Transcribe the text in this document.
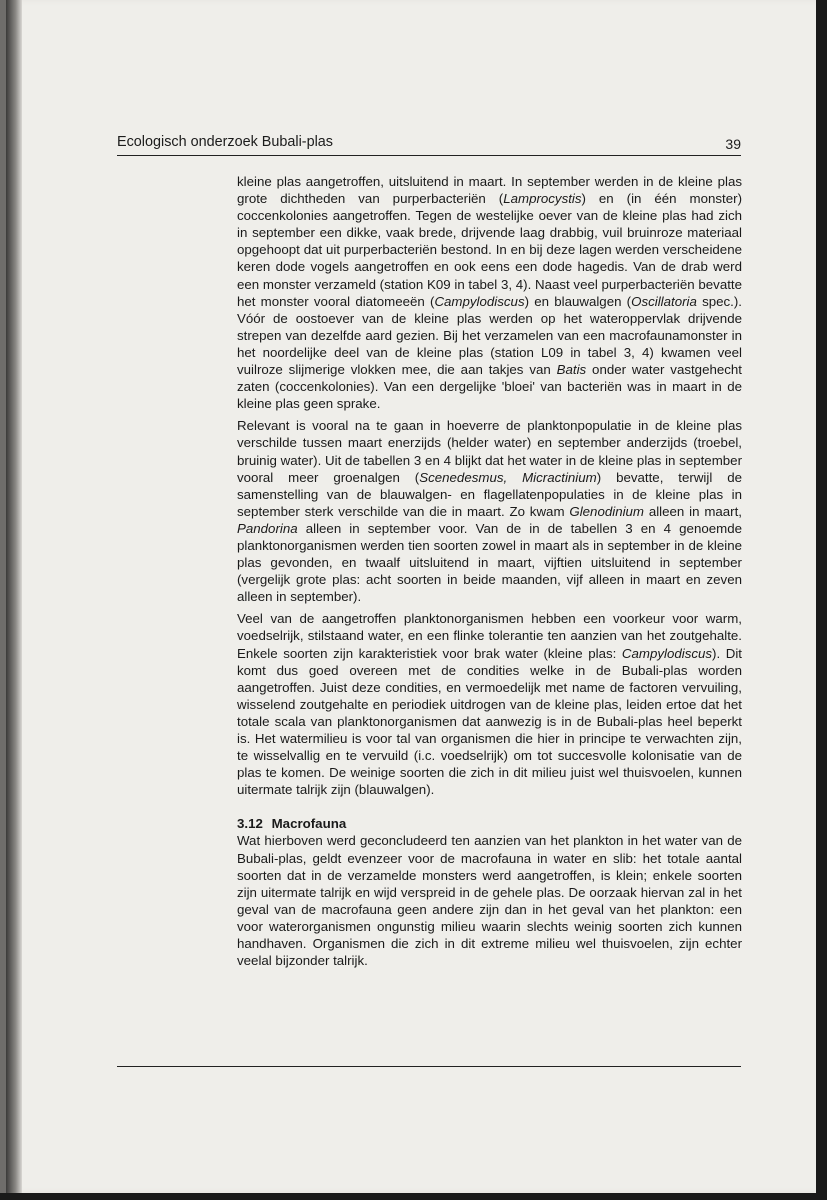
Ecologisch onderzoek Bubali-plas	39

kleine plas aangetroffen, uitsluitend in maart. In september werden in de kleine plas grote dichtheden van purperbacteriën (Lamprocystis) en (in één monster) coccenkolonies aangetroffen. Tegen de westelijke oever van de kleine plas had zich in september een dikke, vaak brede, drijvende laag drabbig, vuil bruinroze materiaal opgehoopt dat uit purperbacteriën bestond. In en bij deze lagen werden verscheidene keren dode vogels aangetroffen en ook eens een dode hagedis. Van de drab werd een monster verzameld (station K09 in tabel 3, 4). Naast veel purperbacteriën bevatte het monster vooral diatomeeën (Campylodiscus) en blauwalgen (Oscillatoria spec.). Vóór de oostoever van de kleine plas werden op het wateroppervlak drijvende strepen van dezelfde aard gezien. Bij het verzamelen van een macrofaunamonster in het noordelijke deel van de kleine plas (station L09 in tabel 3, 4) kwamen veel vuilroze slijmerige vlokken mee, die aan takjes van Batis onder water vastgehecht zaten (coccenkolonies). Van een dergelijke 'bloei' van bacteriën was in maart in de kleine plas geen sprake.

Relevant is vooral na te gaan in hoeverre de planktonpopulatie in de kleine plas verschilde tussen maart enerzijds (helder water) en september anderzijds (troebel, bruinig water). Uit de tabellen 3 en 4 blijkt dat het water in de kleine plas in september vooral meer groenalgen (Scenedesmus, Micractinium) bevatte, terwijl de samenstelling van de blauwalgen- en flagellatenpopulaties in de kleine plas in september sterk verschilde van die in maart. Zo kwam Glenodinium alleen in maart, Pandorina alleen in september voor. Van de in de tabellen 3 en 4 genoemde planktonorganismen werden tien soorten zowel in maart als in september in de kleine plas gevonden, en twaalf uitsluitend in maart, vijftien uitsluitend in september (vergelijk grote plas: acht soorten in beide maanden, vijf alleen in maart en zeven alleen in september).

Veel van de aangetroffen planktonorganismen hebben een voorkeur voor warm, voedselrijk, stilstaand water, en een flinke tolerantie ten aanzien van het zoutgehalte. Enkele soorten zijn karakteristiek voor brak water (kleine plas: Campylodiscus). Dit komt dus goed overeen met de condities welke in de Bubali-plas worden aangetroffen. Juist deze condities, en vermoedelijk met name de factoren vervuiling, wisselend zoutgehalte en periodiek uitdrogen van de kleine plas, leiden ertoe dat het totale scala van planktonorganismen dat aanwezig is in de Bubali-plas heel beperkt is. Het watermilieu is voor tal van organismen die hier in principe te verwachten zijn, te wisselvallig en te vervuild (i.c. voedselrijk) om tot succesvolle kolonisatie van de plas te komen. De weinige soorten die zich in dit milieu juist wel thuisvoelen, kunnen uitermate talrijk zijn (blauwalgen).

3.12 Macrofauna

Wat hierboven werd geconcludeerd ten aanzien van het plankton in het water van de Bubali-plas, geldt evenzeer voor de macrofauna in water en slib: het totale aantal soorten dat in de verzamelde monsters werd aangetroffen, is klein; enkele soorten zijn uitermate talrijk en wijd verspreid in de gehele plas. De oorzaak hiervan zal in het geval van de macrofauna geen andere zijn dan in het geval van het plankton: een voor waterorganismen ongunstig milieu waarin slechts weinig soorten zich kunnen handhaven. Organismen die zich in dit extreme milieu wel thuisvoelen, zijn echter veelal bijzonder talrijk.
